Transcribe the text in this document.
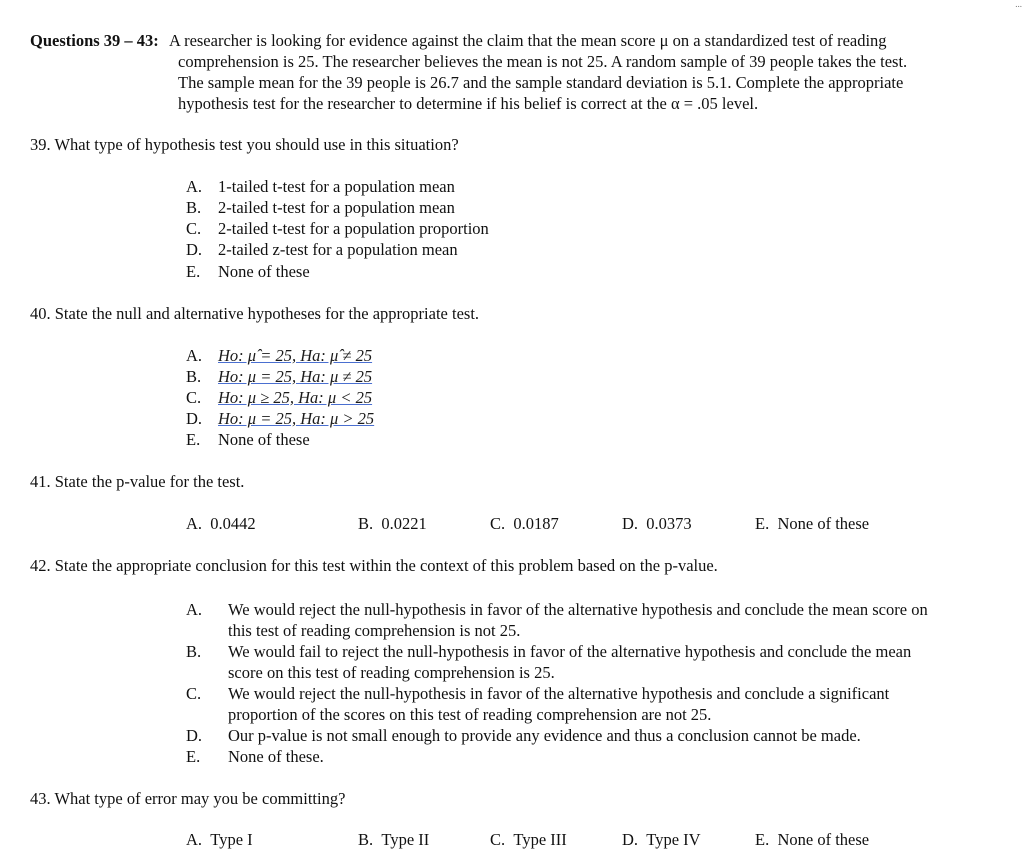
...
Questions 39 – 43: A researcher is looking for evidence against the claim that the mean score μ on a standardized test of reading
comprehension is 25. The researcher believes the mean is not 25. A random sample of 39 people takes the test.
The sample mean for the 39 people is 26.7 and the sample standard deviation is 5.1. Complete the appropriate
hypothesis test for the researcher to determine if his belief is correct at the α = .05 level.
39. What type of hypothesis test you should use in this situation?
A. 1-tailed t-test for a population mean
B. 2-tailed t-test for a population mean
C. 2-tailed t-test for a population proportion
D. 2-tailed z-test for a population mean
E. None of these
40. State the null and alternative hypotheses for the appropriate test.
A. Ho: μ̂ = 25, Ha: μ̂ ≠ 25
B. Ho: μ = 25, Ha: μ ≠ 25
C. Ho: μ ≥ 25, Ha: μ < 25
D. Ho: μ = 25, Ha: μ > 25
E. None of these
41. State the p-value for the test.
A. 0.0442	B. 0.0221	C. 0.0187	D. 0.0373	E. None of these
42. State the appropriate conclusion for this test within the context of this problem based on the p-value.
A. We would reject the null-hypothesis in favor of the alternative hypothesis and conclude the mean score on
this test of reading comprehension is not 25.
B. We would fail to reject the null-hypothesis in favor of the alternative hypothesis and conclude the mean
score on this test of reading comprehension is 25.
C. We would reject the null-hypothesis in favor of the alternative hypothesis and conclude a significant
proportion of the scores on this test of reading comprehension are not 25.
D. Our p-value is not small enough to provide any evidence and thus a conclusion cannot be made.
E. None of these.
43. What type of error may you be committing?
A. Type I	B. Type II	C. Type III	D. Type IV	E. None of these
